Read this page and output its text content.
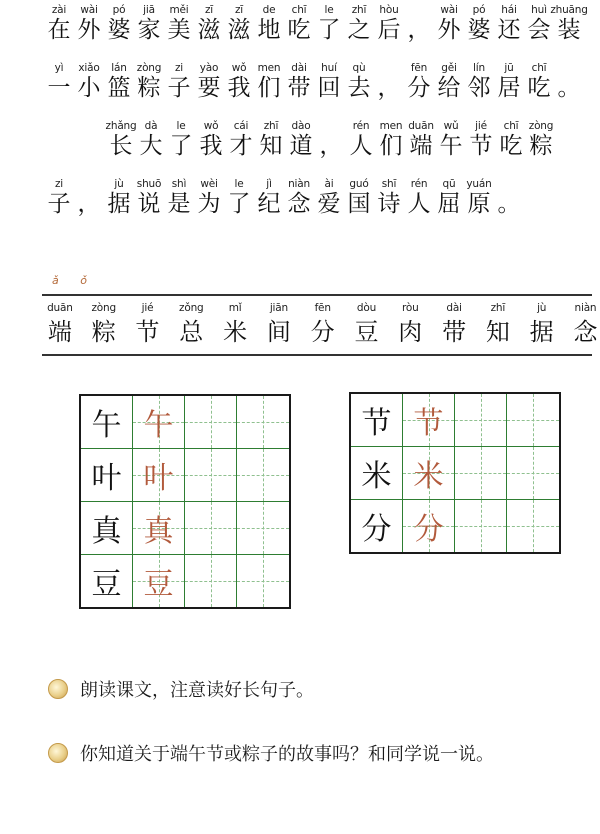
zài
在
wài
外
pó
婆
jiā
家
měi
美
zī
滋
zī
滋
de
地
chī
吃
le
了
zhī
之
hòu
后 ，
wài
外
pó
婆
hái
还
huì
会
zhuāng
装
yì
一
xiǎo
小
lán
篮
zòng
粽
zi
子
yào
要
wǒ
我
men
们
dài
带
huí
回
qù
去 ，
fēn
分
gěi
给
lín
邻
jū
居
chī
吃 。
zhǎng
长
dà
大
le
了
wǒ
我
cái
才
zhī
知
dào
道 ，
rén
人
men
们
duān
端
wǔ
午
jié
节
chī
吃
zòng
粽
zi
子 ，
jù
据
shuō
说
shì
是
wèi
为
le
了
jì
纪
niàn
念
ài
爱
guó
国
shī
诗
rén
人
qū
屈
yuán
原 。
ǎ ǒ
duān
端
zòng
粽
jié
节
zǒng
总
mǐ
米
jiān
间
fēn
分
dòu
豆
ròu
肉
dài
带
zhī
知
jù
据
niàn
念
午 午
叶 叶
真 真
豆 豆
节 节
米 米
分 分
朗读课文，注意读好长句子。
你知道关于端午节或粽子的故事吗？和同学说一说。
